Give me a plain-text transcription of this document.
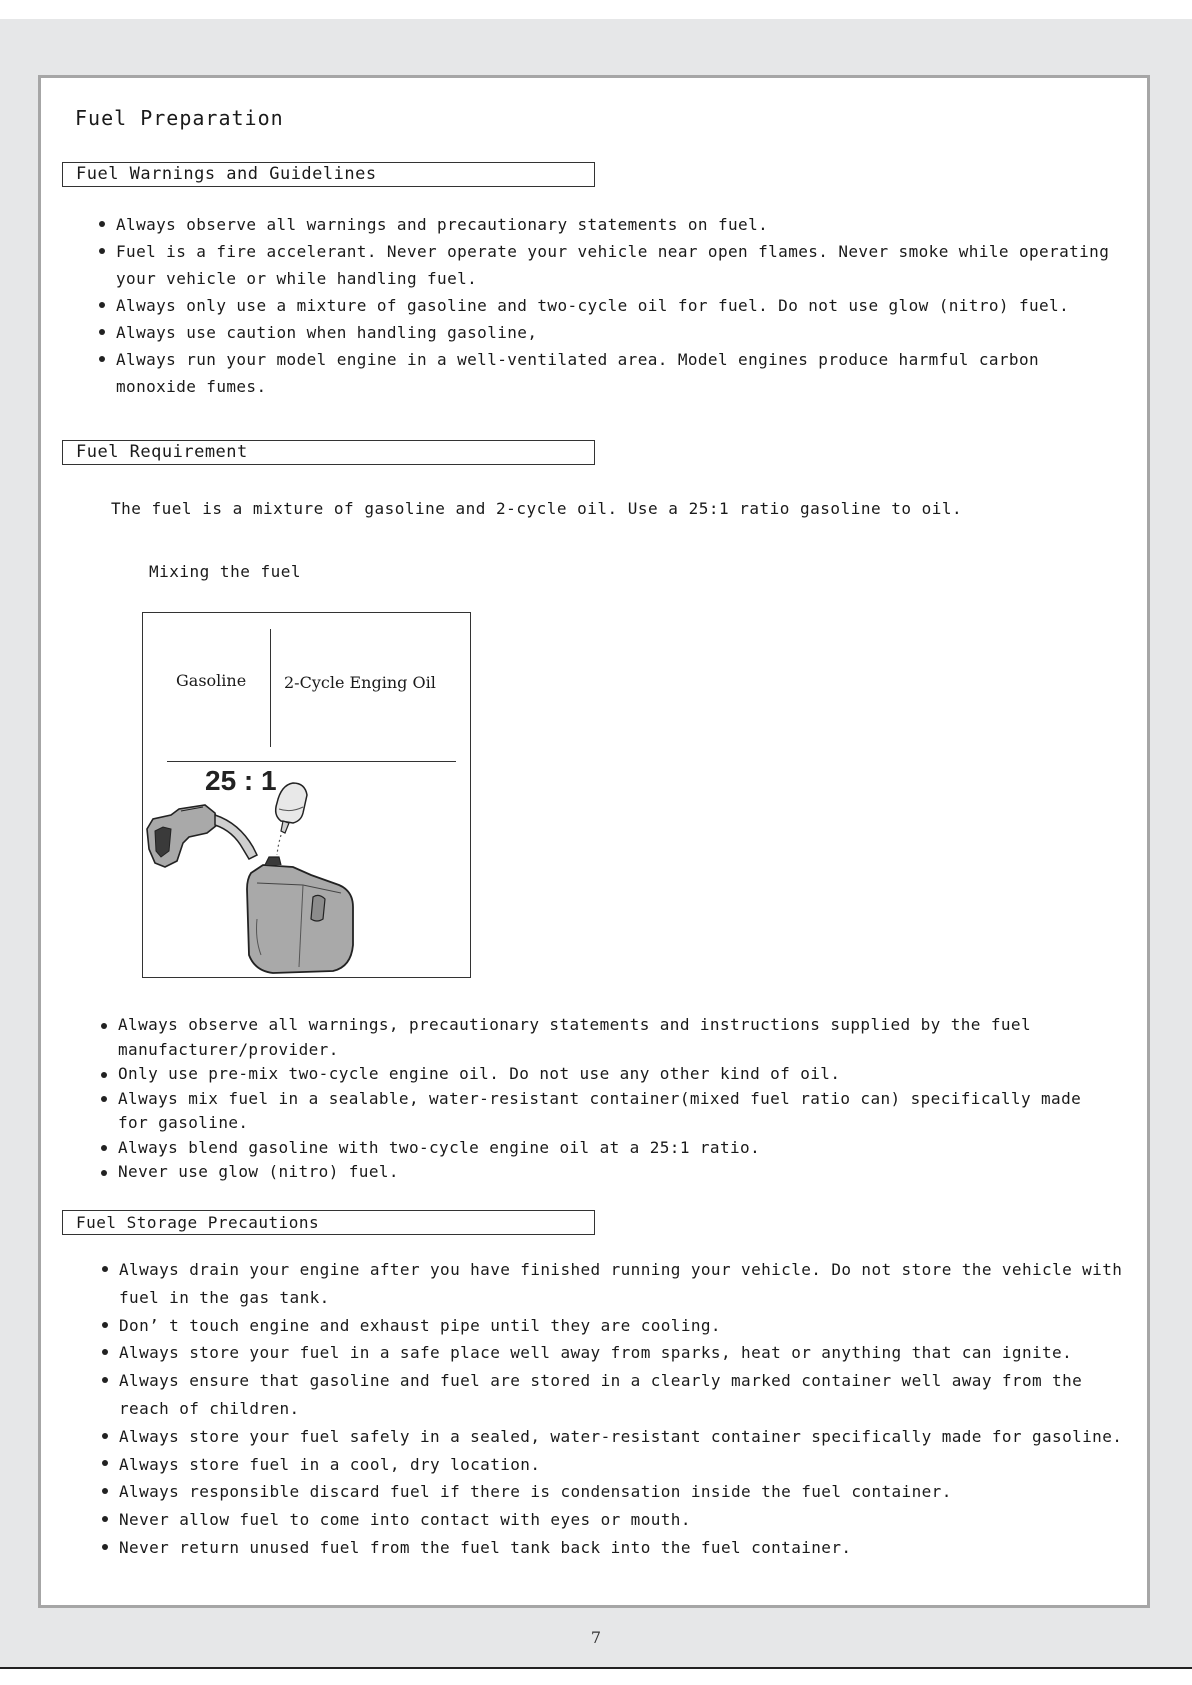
Fuel Preparation
Fuel Warnings and Guidelines
Always observe all warnings and precautionary statements on fuel.
Fuel is a fire accelerant. Never operate your vehicle near open flames. Never smoke while operating your vehicle or while handling fuel.
Always only use a mixture of gasoline and two-cycle oil for fuel. Do not use glow (nitro) fuel.
Always use caution when handling gasoline,
Always run your model engine in a well-ventilated area. Model engines produce harmful carbon monoxide fumes.
Fuel Requirement
The fuel is a mixture of gasoline and 2-cycle oil. Use a 25:1 ratio gasoline to oil.
Mixing the fuel
Gasoline 2-Cycle Enging Oil
25 : 1
Always observe all warnings, precautionary statements and instructions supplied by the fuel manufacturer/provider.
Only use pre-mix two-cycle engine oil. Do not use any other kind of oil.
Always mix fuel in a sealable, water-resistant container(mixed fuel ratio can) specifically made for gasoline.
Always blend gasoline with two-cycle engine oil at a 25:1 ratio.
Never use glow (nitro) fuel.
Fuel Storage Precautions
Always drain your engine after you have finished running your vehicle. Do not store the vehicle with fuel in the gas tank.
Don’ t touch engine and exhaust pipe until they are cooling.
Always store your fuel in a safe place well away from sparks, heat or anything that can ignite.
Always ensure that gasoline and fuel are stored in a clearly marked container well away from the reach of children.
Always store your fuel safely in a sealed, water-resistant container specifically made for gasoline.
Always store fuel in a cool, dry location.
Always responsible discard fuel if there is condensation inside the fuel container.
Never allow fuel to come into contact with eyes or mouth.
Never return unused fuel from the fuel tank back into the fuel container.
7
